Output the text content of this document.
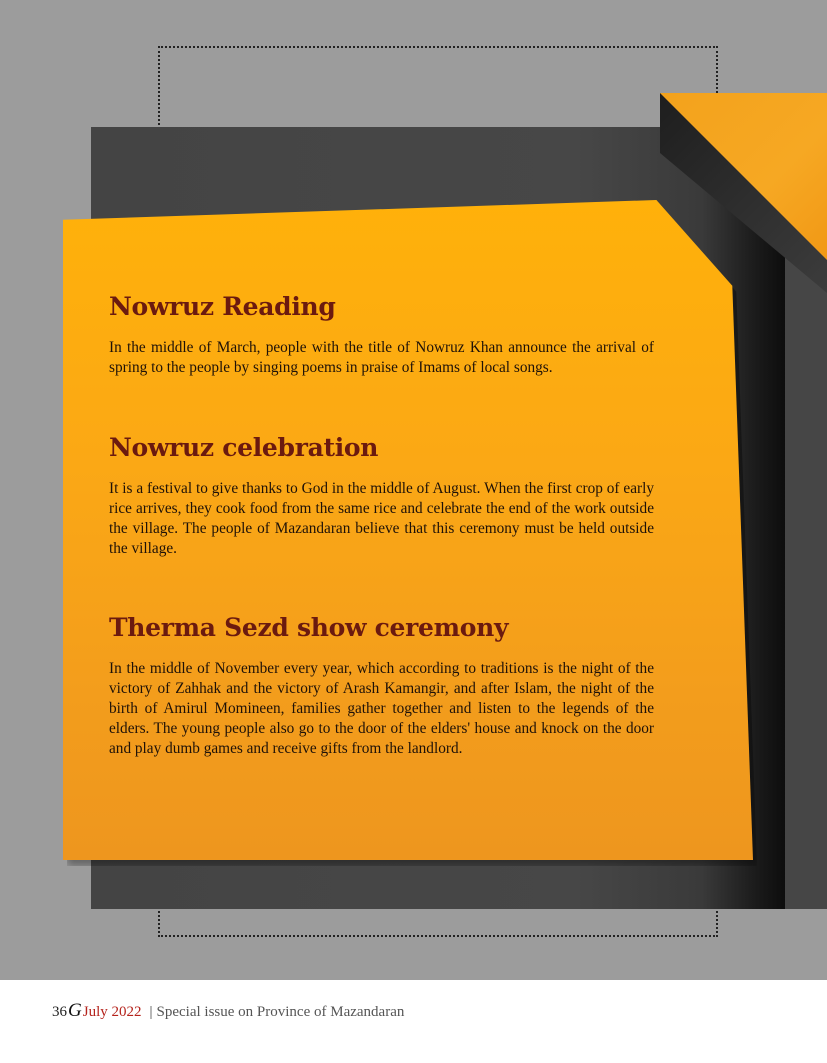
Nowruz Reading

In the middle of March, people with the title of Nowruz Khan announce the arrival of spring to the people by singing poems in praise of Imams of local songs.

Nowruz celebration

It is a festival to give thanks to God in the middle of August. When the first crop of early rice arrives, they cook food from the same rice and celebrate the end of the work outside the village. The people of Mazandaran believe that this ceremony must be held outside the village.

Therma Sezd show ceremony

In the middle of November every year, which according to traditions is the night of the victory of Zahhak and the victory of Arash Kamangir, and after Islam, the night of the birth of Amirul Momineen, families gather together and listen to the legends of the elders. The young people also go to the door of the elders' house and knock on the door and play dumb games and receive gifts from the landlord.

36GJuly 2022 | Special issue on Province of Mazandaran
